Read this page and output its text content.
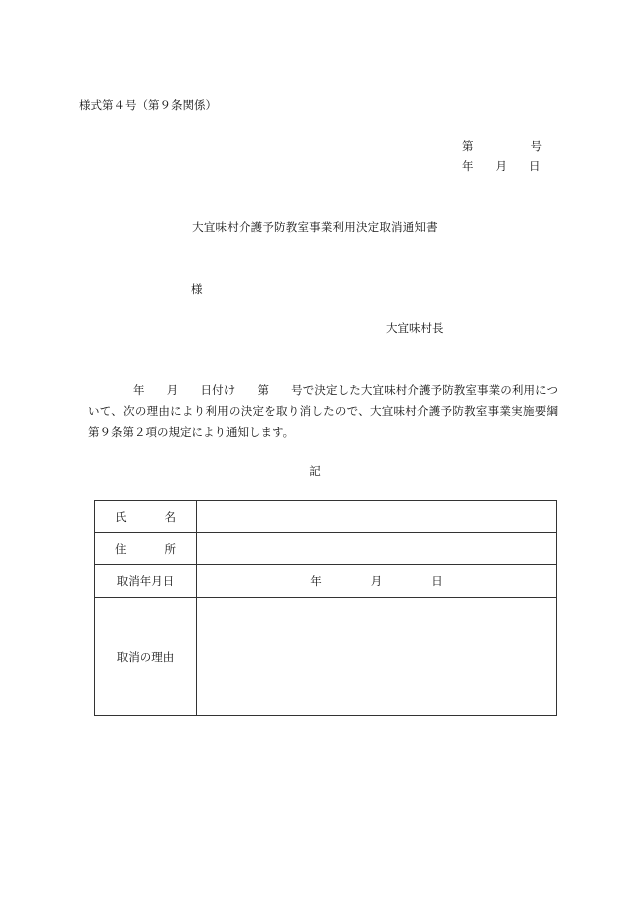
様式第４号（第９条関係）
第	号
年 月 日
大宜味村介護予防教室事業利用決定取消通知書
様
大宜味村長
年 月 日付け 第 号で決定した大宜味村介護予防教室事業の利用について、次の理由により利用の決定を取り消したので、大宜味村介護予防教室事業実施要綱第９条第２項の規定により通知します。
記
氏 名	
住 所	
取消年月日	年 月 日
取消の理由	
